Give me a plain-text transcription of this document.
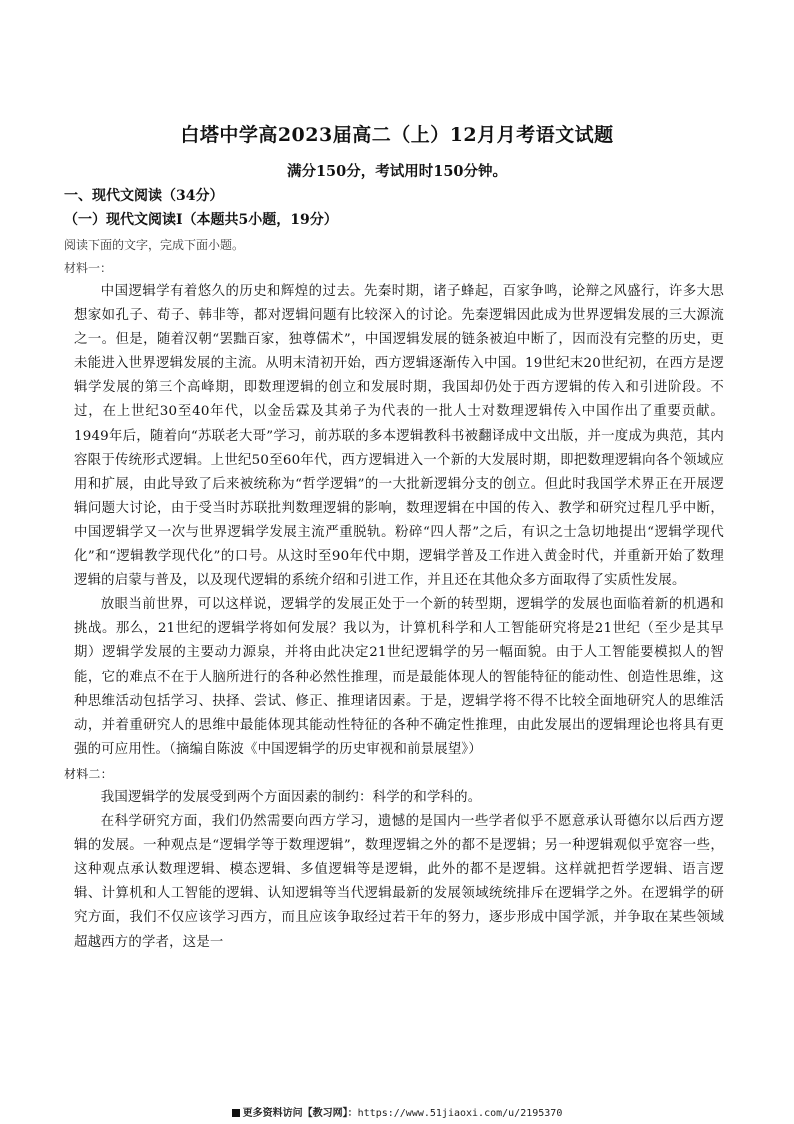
白塔中学高2023届高二（上）12月月考语文试题
满分150分，考试用时150分钟。
一、现代文阅读（34分）
（一）现代文阅读Ⅰ（本题共5小题，19分）
阅读下面的文字，完成下面小题。
材料一：

中国逻辑学有着悠久的历史和辉煌的过去。先秦时期，诸子蜂起，百家争鸣，论辩之风盛行，许多大思想家如孔子、荀子、韩非等，都对逻辑问题有比较深入的讨论。先秦逻辑因此成为世界逻辑发展的三大源流之一。但是，随着汉朝“罢黜百家，独尊儒术”，中国逻辑发展的链条被迫中断了，因而没有完整的历史，更未能进入世界逻辑发展的主流。从明末清初开始，西方逻辑逐渐传入中国。19世纪末20世纪初，在西方是逻辑学发展的第三个高峰期，即数理逻辑的创立和发展时期，我国却仍处于西方逻辑的传入和引进阶段。不过，在上世纪30至40年代，以金岳霖及其弟子为代表的一批人士对数理逻辑传入中国作出了重要贡献。1949年后，随着向“苏联老大哥”学习，前苏联的多本逻辑教科书被翻译成中文出版，并一度成为典范，其内容限于传统形式逻辑。上世纪50至60年代，西方逻辑进入一个新的大发展时期，即把数理逻辑向各个领域应用和扩展，由此导致了后来被统称为“哲学逻辑”的一大批新逻辑分支的创立。但此时我国学术界正在开展逻辑问题大讨论，由于受当时苏联批判数理逻辑的影响，数理逻辑在中国的传入、教学和研究过程几乎中断，中国逻辑学又一次与世界逻辑学发展主流严重脱轨。粉碎“四人帮”之后，有识之士急切地提出“逻辑学现代化”和“逻辑教学现代化”的口号。从这时至90年代中期，逻辑学普及工作进入黄金时代，并重新开始了数理逻辑的启蒙与普及，以及现代逻辑的系统介绍和引进工作，并且还在其他众多方面取得了实质性发展。

放眼当前世界，可以这样说，逻辑学的发展正处于一个新的转型期，逻辑学的发展也面临着新的机遇和挑战。那么，21世纪的逻辑学将如何发展？我以为，计算机科学和人工智能研究将是21世纪（至少是其早期）逻辑学发展的主要动力源泉，并将由此决定21世纪逻辑学的另一幅面貌。由于人工智能要模拟人的智能，它的难点不在于人脑所进行的各种必然性推理，而是最能体现人的智能特征的能动性、创造性思维，这种思维活动包括学习、抉择、尝试、修正、推理诸因素。于是，逻辑学将不得不比较全面地研究人的思维活动，并着重研究人的思维中最能体现其能动性特征的各种不确定性推理，由此发展出的逻辑理论也将具有更强的可应用性。（摘编自陈波《中国逻辑学的历史审视和前景展望》）

材料二：

我国逻辑学的发展受到两个方面因素的制约：科学的和学科的。

在科学研究方面，我们仍然需要向西方学习，遗憾的是国内一些学者似乎不愿意承认哥德尔以后西方逻辑的发展。一种观点是“逻辑学等于数理逻辑”，数理逻辑之外的都不是逻辑；另一种逻辑观似乎宽容一些，这种观点承认数理逻辑、模态逻辑、多值逻辑等是逻辑，此外的都不是逻辑。这样就把哲学逻辑、语言逻辑、计算机和人工智能的逻辑、认知逻辑等当代逻辑最新的发展领域统统排斥在逻辑学之外。在逻辑学的研究方面，我们不仅应该学习西方，而且应该争取经过若干年的努力，逐步形成中国学派，并争取在某些领域超越西方的学者，这是一

更多资料访问【教习网】：https://www.51jiaoxi.com/u/2195370
